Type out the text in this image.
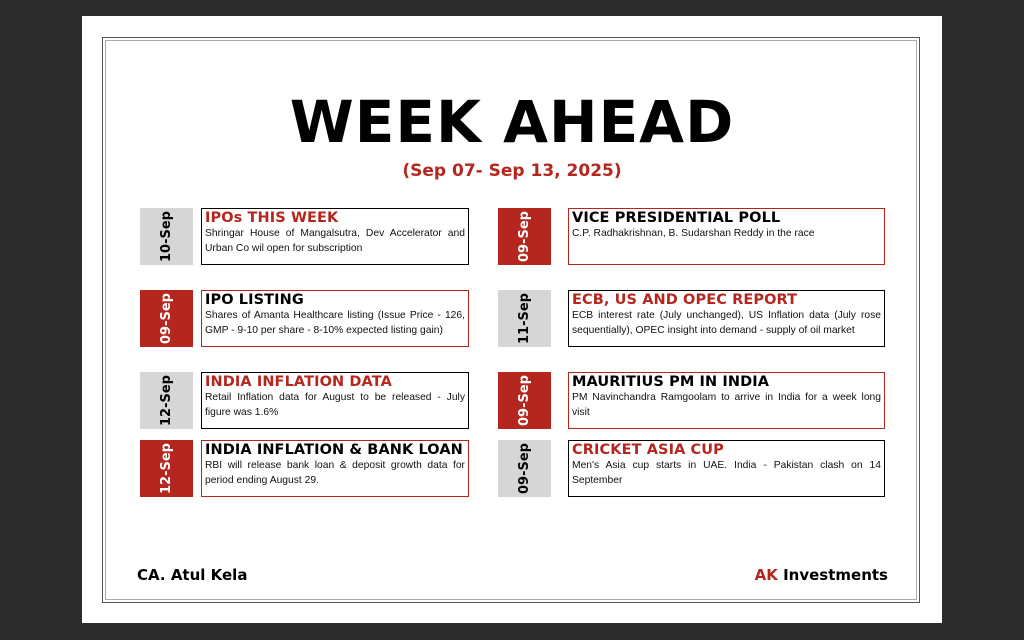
WEEK AHEAD
(Sep 07- Sep 13, 2025)
10-Sep IPOs THIS WEEK

Shringar House of Mangalsutra, Dev Accelerator and Urban Co wil open for subscription

09-Sep IPO LISTING

Shares of Amanta Healthcare listing (Issue Price - 126, GMP - 9-10 per share - 8-10% expected listing gain)

12-Sep INDIA INFLATION DATA

Retail Inflation data for August to be released - July figure was 1.6%

12-Sep INDIA INFLATION & BANK LOAN

RBI will release bank loan & deposit growth data for period ending August 29.

09-Sep	VICE PRESIDENTIAL POLL

C.P. Radhakrishnan, B. Sudarshan Reddy in the race

11-Sep	ECB, US AND OPEC REPORT

ECB interest rate (July unchanged), US Inflation data (July rose sequentially), OPEC insight into demand - supply of oil market

09-Sep	MAURITIUS PM IN INDIA

PM Navinchandra Ramgoolam to arrive in India for a week long visit

09-Sep	CRICKET ASIA CUP

Men's Asia cup starts in UAE. India - Pakistan clash on 14 September

CA. Atul Kela	AK Investments
